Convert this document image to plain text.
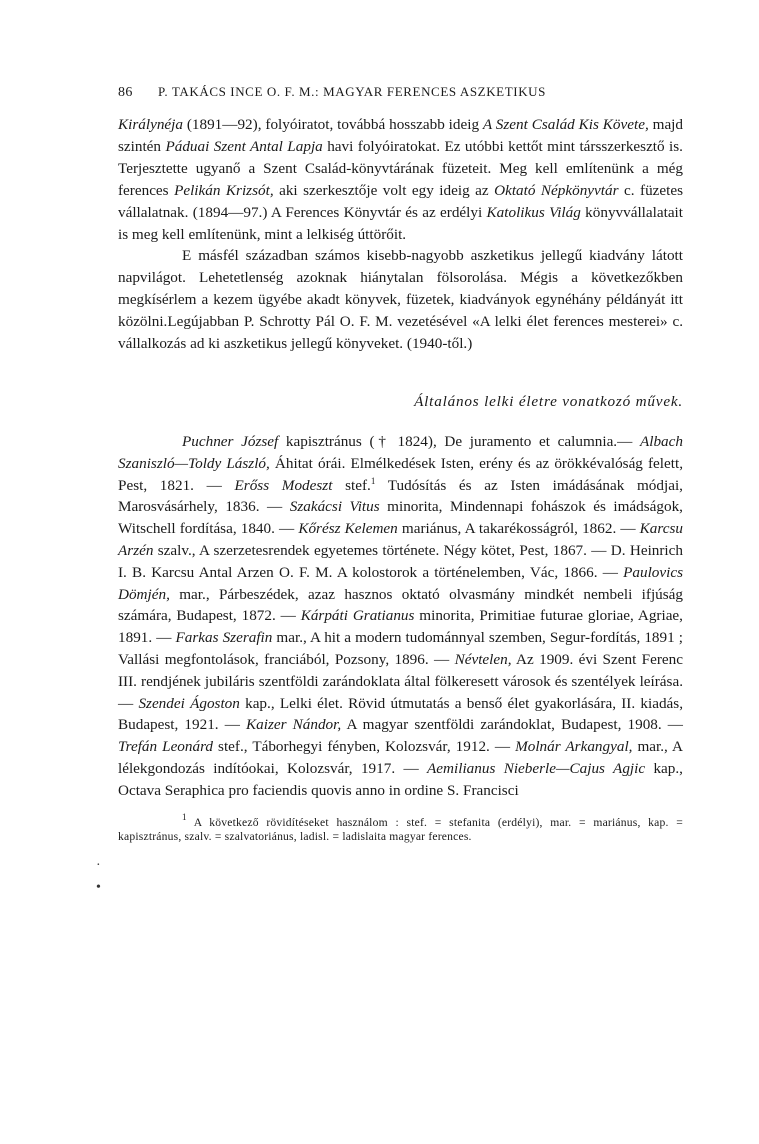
86	P. TAKÁCS INCE O. F. M.: MAGYAR FERENCES ASZKETIKUS

Királynéja (1891—92), folyóiratot, továbbá hosszabb ideig A Szent Család Kis Követe, majd szintén Páduai Szent Antal Lapja havi folyóiratokat. Ez utóbbi kettőt mint társszerkesztő is. Terjesztette ugyanő a Szent Család-könyvtárának füzeteit. Meg kell említenünk a még ferences Pelikán Krizsót, aki szerkesztője volt egy ideig az Oktató Népkönyvtár c. füzetes vállalatnak. (1894—97.) A Ferences Könyvtár és az erdélyi Katolikus Világ könyvvállalatait is meg kell említenünk, mint a lelkiség úttörőit.

E másfél században számos kisebb-nagyobb aszketikus jellegű kiadvány látott napvilágot. Lehetetlenség azoknak hiánytalan fölsorolása. Mégis a következőkben megkísérlem a kezem ügyébe akadt könyvek, füzetek, kiadványok egynéhány példányát itt közölni.Legújabban P. Schrotty Pál O. F. M. vezetésével «A lelki élet ferences mesterei» c. vállalkozás ad ki aszketikus jellegű könyveket. (1940-től.)

Általános lelki életre vonatkozó művek.
Puchner József kapisztránus († 1824), De juramento et calumnia.— Albach Szaniszló—Toldy László, Áhitat órái. Elmélkedések Isten, erény és az örökkévalóság felett, Pest, 1821. — Erőss Modeszt stef.$^1$ Tudósítás és az Isten imádásának módjai, Marosvásárhely, 1836. — Szakácsi Vitus minorita, Mindennapi fohászok és imádságok, Witschell fordítása, 1840. — Kőrész Kelemen mariánus, A takarékosságról, 1862. — Karcsu Arzén szalv., A szerzetesrendek egyetemes története. Négy kötet, Pest, 1867. — D. Heinrich I. B. Karcsu Antal Arzen O. F. M. A kolostorok a történelemben, Vác, 1866. — Paulovics Dömjén, mar., Párbeszédek, azaz hasznos oktató olvasmány mindkét nembeli ifjúság számára, Budapest, 1872. — Kárpáti Gratianus minorita, Primitiae futurae gloriae, Agriae, 1891. — Farkas Szerafin mar., A hit a modern tudománnyal szemben, Segur-fordítás, 1891 ; Vallási megfontolások, franciából, Pozsony, 1896. — Névtelen, Az 1909. évi Szent Ferenc III. rendjének jubiláris szentföldi zarándoklata által fölkeresett városok és szentélyek leírása. — Szendei Ágoston kap., Lelki élet. Rövid útmutatás a benső élet gyakorlására, II. kiadás, Budapest, 1921. — Kaizer Nándor, A magyar szentföldi zarándoklat, Budapest, 1908. — Trefán Leonárd stef., Táborhegyi fényben, Kolozsvár, 1912. — Molnár Arkangyal, mar., A lélekgondozás indítóokai, Kolozsvár, 1917. — Aemilianus Nieberle—Cajus Agjic kap., Octava Seraphica pro faciendis quovis anno in ordine S. Francisci
$^1$ A következő rövidítéseket használom : stef. = stefanita (erdélyi), mar. = mariánus, kap. = kapisztránus, szalv. = szalvatoriánus, ladisl. = ladislaita magyar ferences.
·
•
